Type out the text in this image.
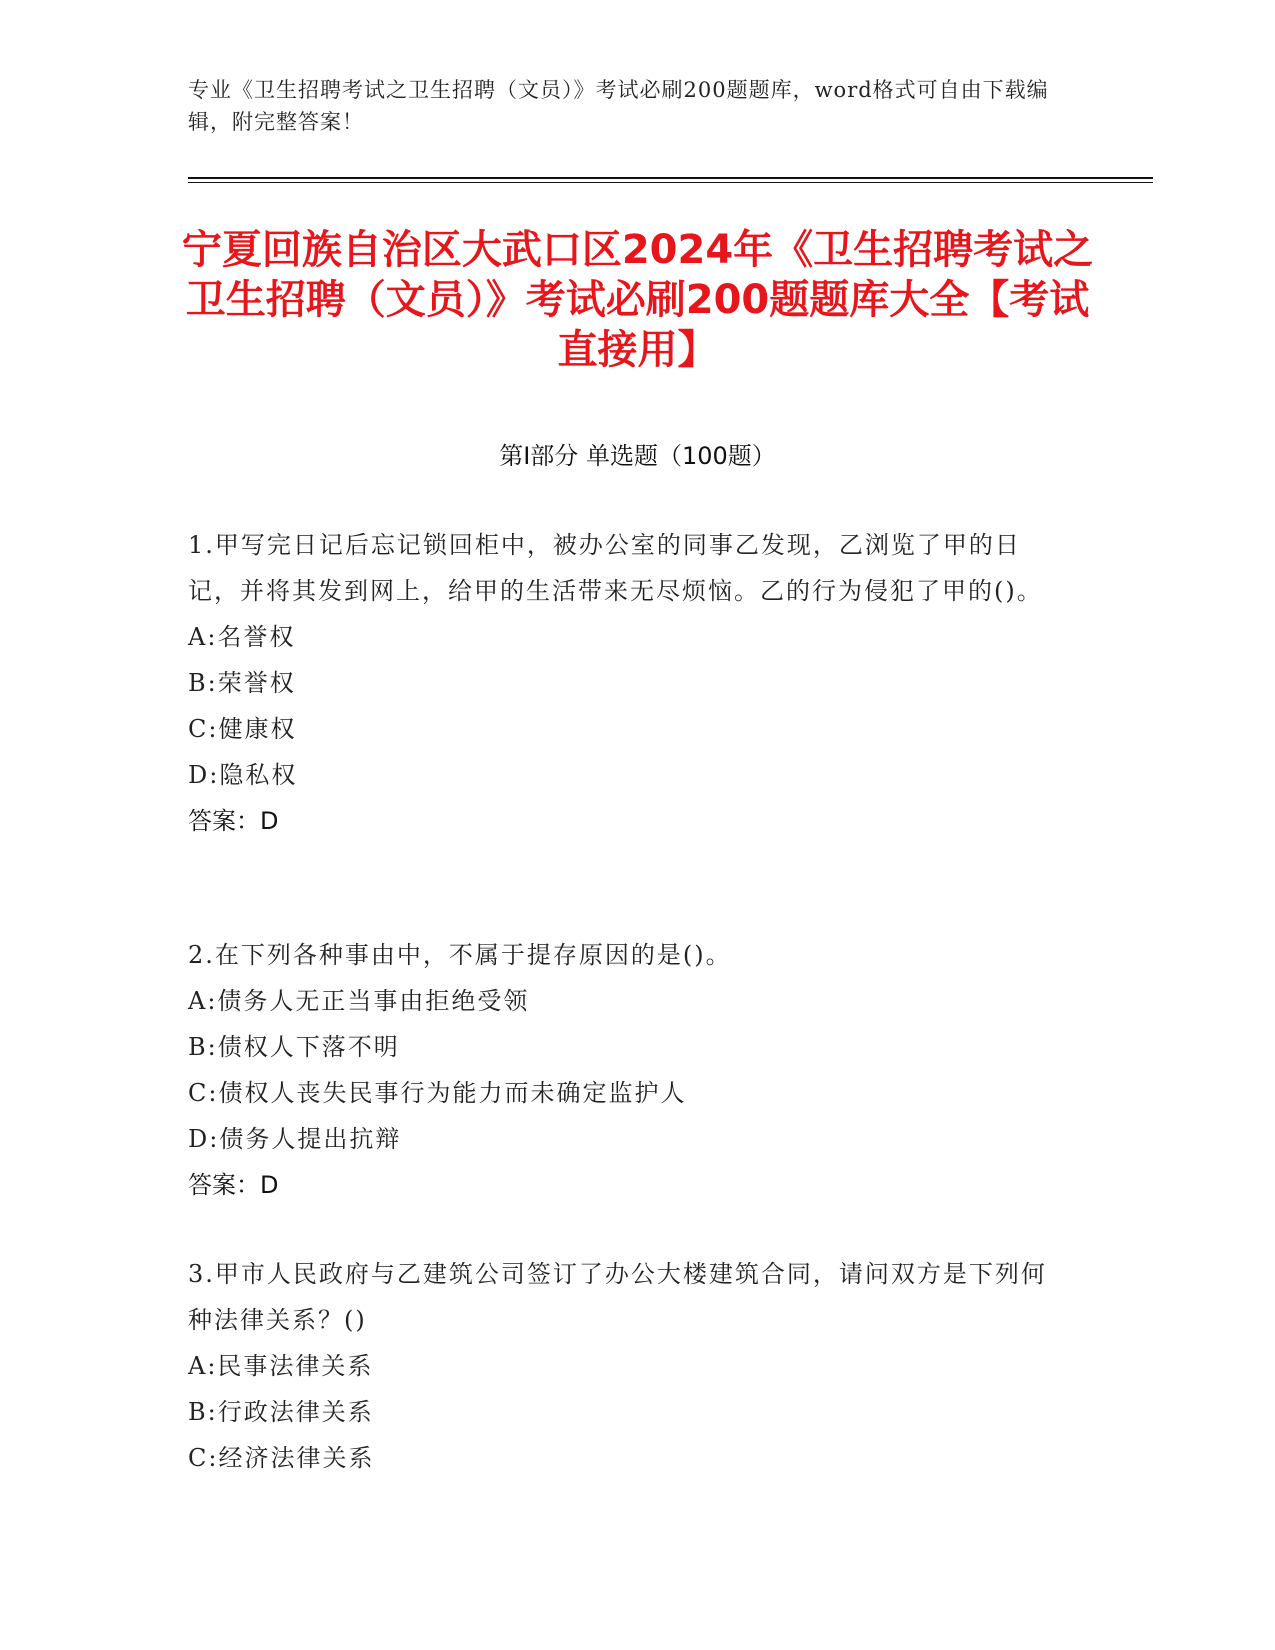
专业《卫生招聘考试之卫生招聘（文员）》考试必刷200题题库，word格式可自由下载编辑，附完整答案！
宁夏回族自治区大武口区2024年《卫生招聘考试之卫生招聘（文员）》考试必刷200题题库大全【考试直接用】
第Ⅰ部分 单选题（100题）
1.甲写完日记后忘记锁回柜中，被办公室的同事乙发现，乙浏览了甲的日记，并将其发到网上，给甲的生活带来无尽烦恼。乙的行为侵犯了甲的()。
A:名誉权
B:荣誉权
C:健康权
D:隐私权
答案：D
2.在下列各种事由中，不属于提存原因的是()。
A:债务人无正当事由拒绝受领
B:债权人下落不明
C:债权人丧失民事行为能力而未确定监护人
D:债务人提出抗辩
答案：D
3.甲市人民政府与乙建筑公司签订了办公大楼建筑合同，请问双方是下列何种法律关系？()
A:民事法律关系
B:行政法律关系
C:经济法律关系
